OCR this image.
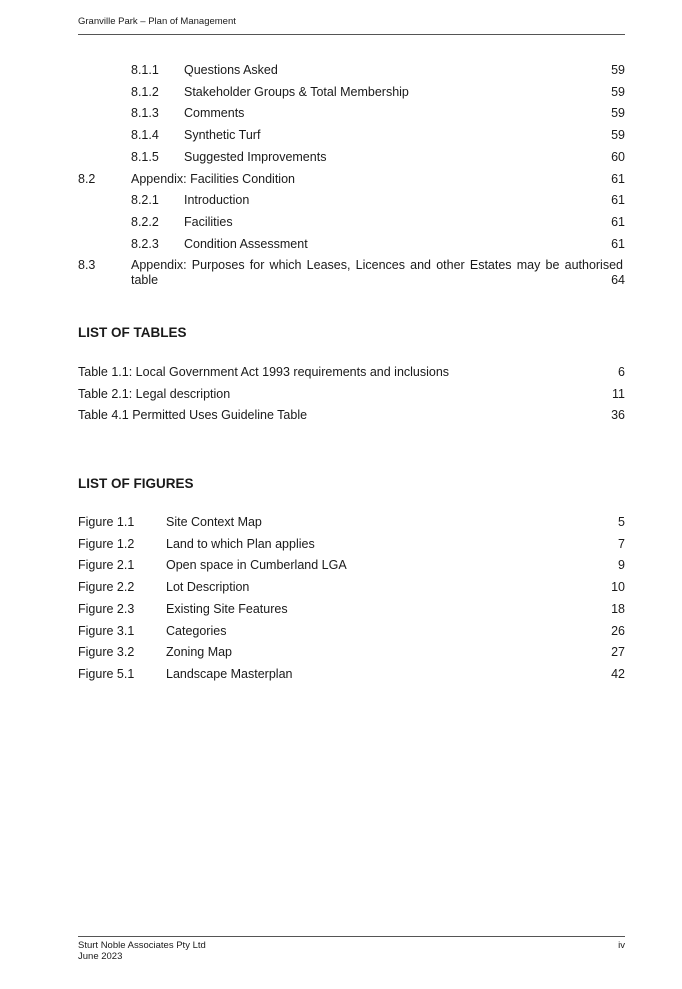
Granville Park – Plan of Management
8.1.1 Questions Asked	59
8.1.2 Stakeholder Groups & Total Membership	59
8.1.3 Comments	59
8.1.4 Synthetic Turf	59
8.1.5 Suggested Improvements	60
8.2	Appendix: Facilities Condition	61
8.2.1 Introduction	61
8.2.2 Facilities	61
8.2.3 Condition Assessment	61
8.3	Appendix: Purposes for which Leases, Licences and other Estates may be authorised
table	64
LIST OF TABLES
Table 1.1: Local Government Act 1993 requirements and inclusions	6
Table 2.1: Legal description	11
Table 4.1 Permitted Uses Guideline Table	36
LIST OF FIGURES
Figure 1.1	Site Context Map	5
Figure 1.2	Land to which Plan applies	7
Figure 2.1	Open space in Cumberland LGA	9
Figure 2.2	Lot Description	10
Figure 2.3	Existing Site Features	18
Figure 3.1	Categories	26
Figure 3.2	Zoning Map	27
Figure 5.1	Landscape Masterplan	42
Sturt Noble Associates Pty Ltd
June 2023
iv
